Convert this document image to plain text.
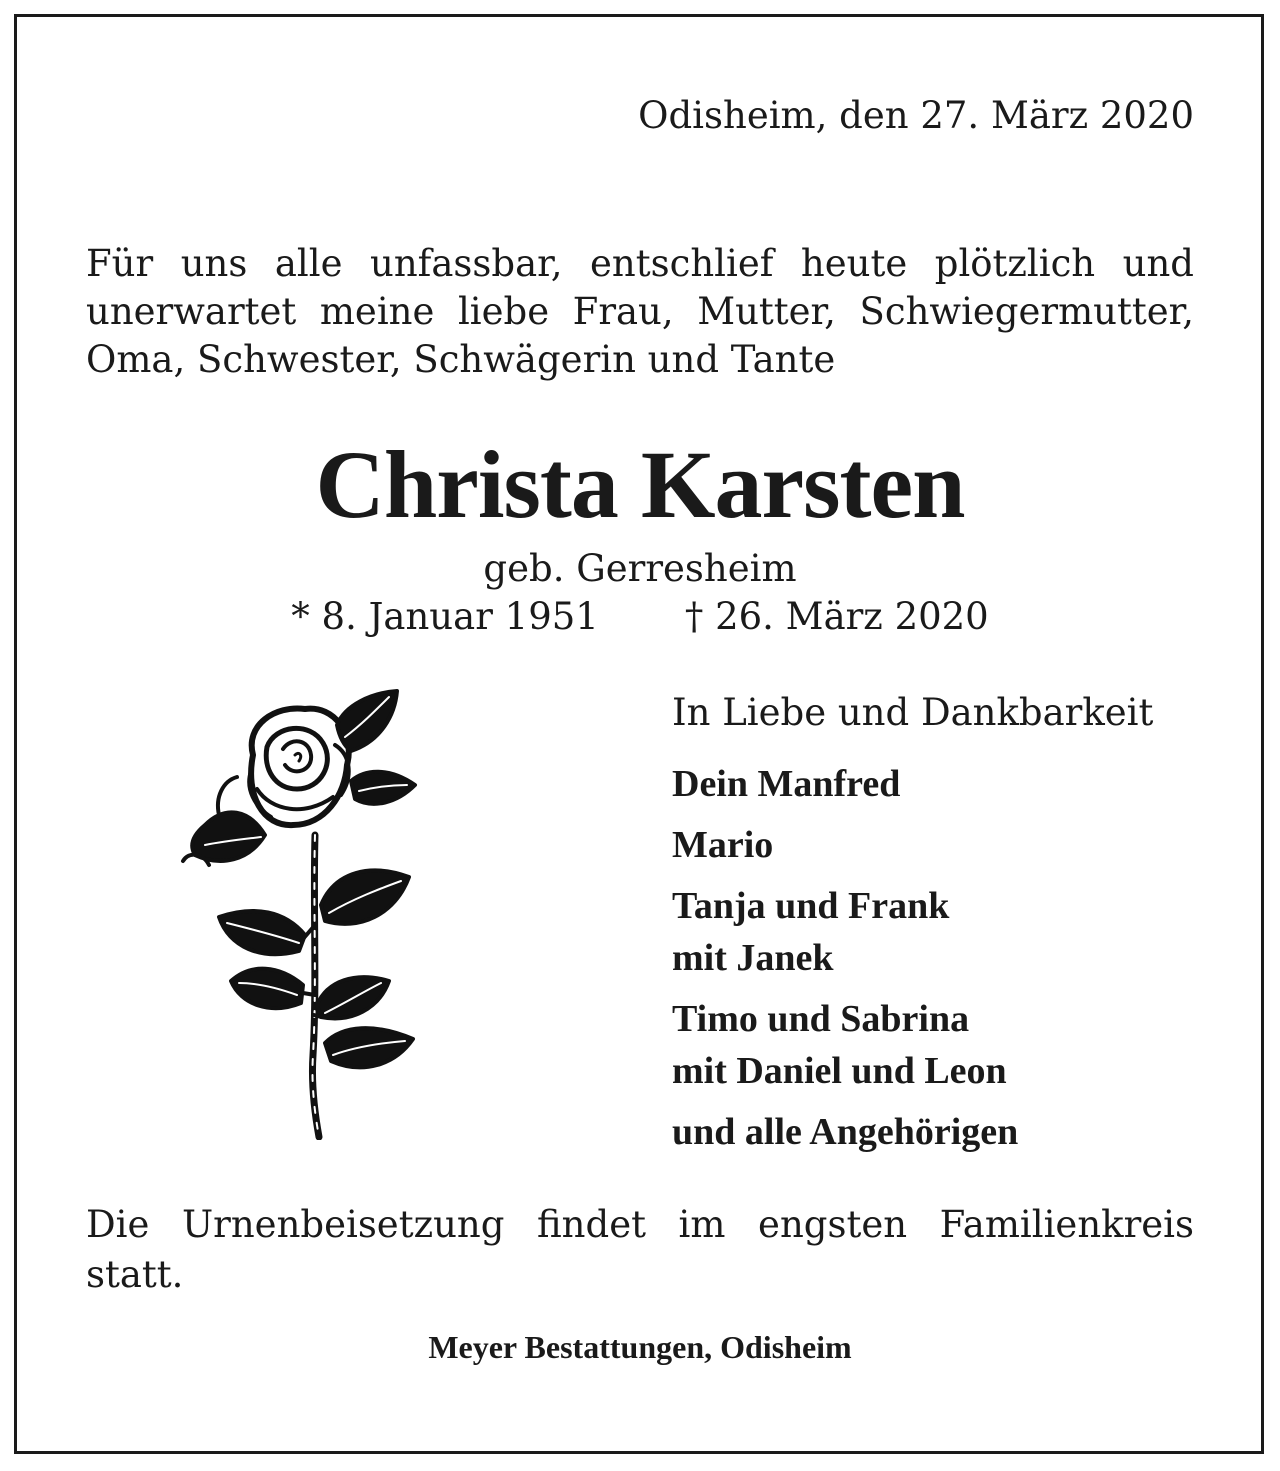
Odisheim, den 27. März 2020
Für uns alle unfassbar, entschlief heute plötzlich und
unerwartet meine liebe Frau, Mutter, Schwiegermutter,
Oma, Schwester, Schwägerin und Tante
Christa Karsten
geb. Gerresheim
* 8. Januar 1951 † 26. März 2020
In Liebe und Dankbarkeit
Dein Manfred
Mario
Tanja und Frank
mit Janek
Timo und Sabrina
mit Daniel und Leon
und alle Angehörigen
Die Urnenbeisetzung findet im engsten Familienkreis
statt.
Meyer Bestattungen, Odisheim
